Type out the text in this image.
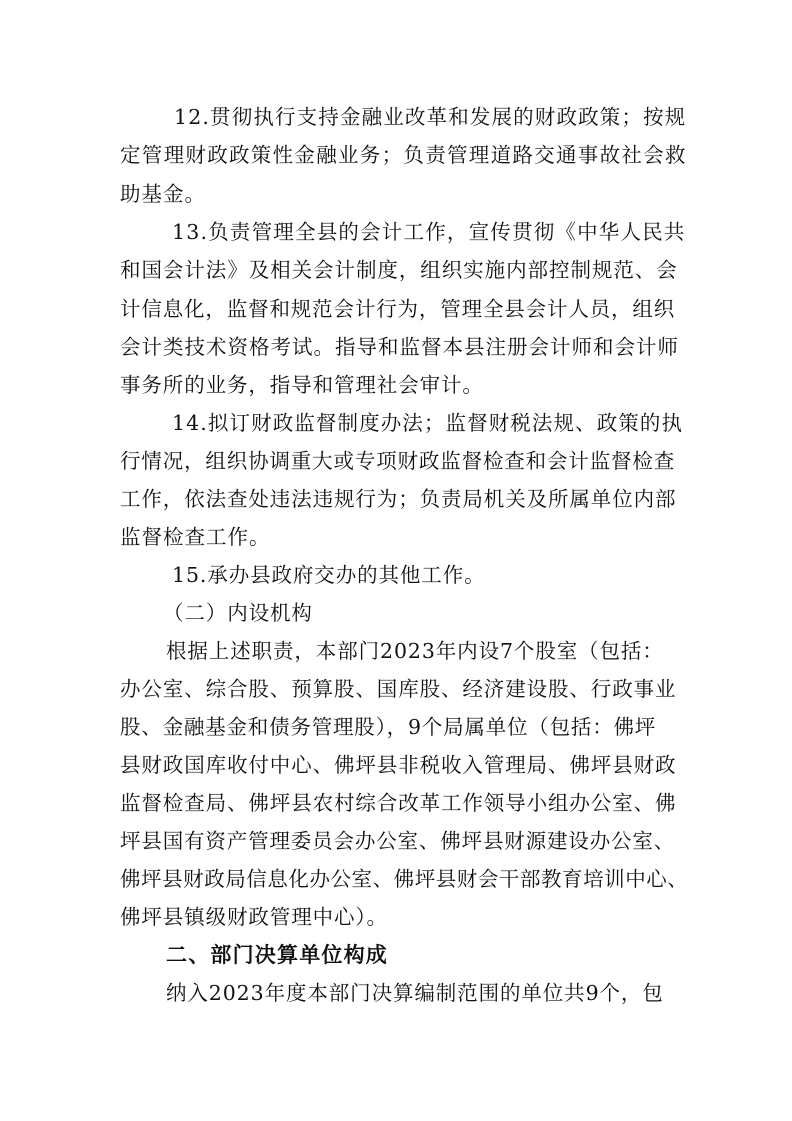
12.贯彻执行支持金融业改革和发展的财政政策；按规
定管理财政政策性金融业务；负责管理道路交通事故社会救
助基金。
13.负责管理全县的会计工作，宣传贯彻《中华人民共
和国会计法》及相关会计制度，组织实施内部控制规范、会
计信息化，监督和规范会计行为，管理全县会计人员，组织
会计类技术资格考试。指导和监督本县注册会计师和会计师
事务所的业务，指导和管理社会审计。
14.拟订财政监督制度办法；监督财税法规、政策的执
行情况，组织协调重大或专项财政监督检查和会计监督检查
工作，依法查处违法违规行为；负责局机关及所属单位内部
监督检查工作。
15.承办县政府交办的其他工作。
（二）内设机构
根据上述职责，本部门2023年内设7个股室（包括：
办公室、综合股、预算股、国库股、经济建设股、行政事业
股、金融基金和债务管理股），9个局属单位（包括：佛坪
县财政国库收付中心、佛坪县非税收入管理局、佛坪县财政
监督检查局、佛坪县农村综合改革工作领导小组办公室、佛
坪县国有资产管理委员会办公室、佛坪县财源建设办公室、
佛坪县财政局信息化办公室、佛坪县财会干部教育培训中心、
佛坪县镇级财政管理中心）。
二、部门决算单位构成
纳入2023年度本部门决算编制范围的单位共9个，包
